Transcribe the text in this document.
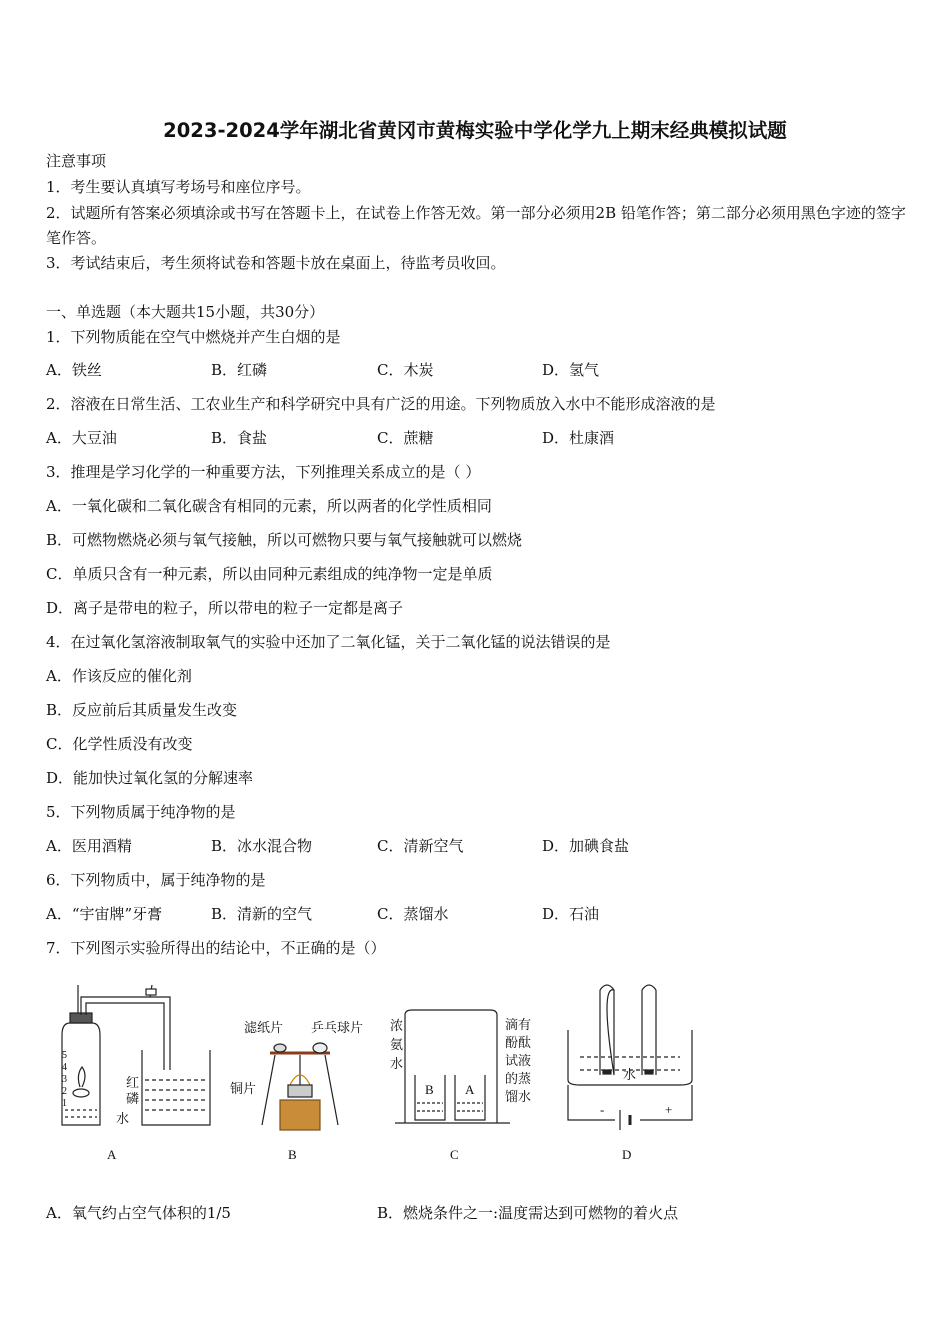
2023-2024学年湖北省黄冈市黄梅实验中学化学九上期末经典模拟试题
注意事项
1．考生要认真填写考场号和座位序号。
2．试题所有答案必须填涂或书写在答题卡上，在试卷上作答无效。第一部分必须用2B 铅笔作答；第二部分必须用黑色字迹的签字笔作答。
3．考试结束后，考生须将试卷和答题卡放在桌面上，待监考员收回。
一、单选题（本大题共15小题，共30分）
1．下列物质能在空气中燃烧并产生白烟的是
A．铁丝	B．红磷	C．木炭	D．氢气
2．溶液在日常生活、工农业生产和科学研究中具有广泛的用途。下列物质放入水中不能形成溶液的是
A．大豆油	B．食盐	C．蔗糖	D．杜康酒
3．推理是学习化学的一种重要方法，下列推理关系成立的是（ ）
A．一氧化碳和二氧化碳含有相同的元素，所以两者的化学性质相同
B．可燃物燃烧必须与氧气接触，所以可燃物只要与氧气接触就可以燃烧
C．单质只含有一种元素，所以由同种元素组成的纯净物一定是单质
D．离子是带电的粒子，所以带电的粒子一定都是离子
4．在过氧化氢溶液制取氧气的实验中还加了二氧化锰，关于二氧化锰的说法错误的是
A．作该反应的催化剂
B．反应前后其质量发生改变
C．化学性质没有改变
D．能加快过氧化氢的分解速率
5．下列物质属于纯净物的是
A．医用酒精	B．冰水混合物	C．清新空气	D．加碘食盐
6．下列物质中，属于纯净物的是
A．“宇宙牌”牙膏	B．清新的空气	C．蒸馏水	D．石油
7．下列图示实验所得出的结论中，不正确的是（）
红
磷
水
5
4
3
2
1
滤纸片 乒乓球片
铜片
浓
氨
水
滴有
酚酞
试液
的蒸
馏水
B A
水
-	+
A	B	C	D
A．氧气约占空气体积的1/5	B．燃烧条件之一:温度需达到可燃物的着火点
